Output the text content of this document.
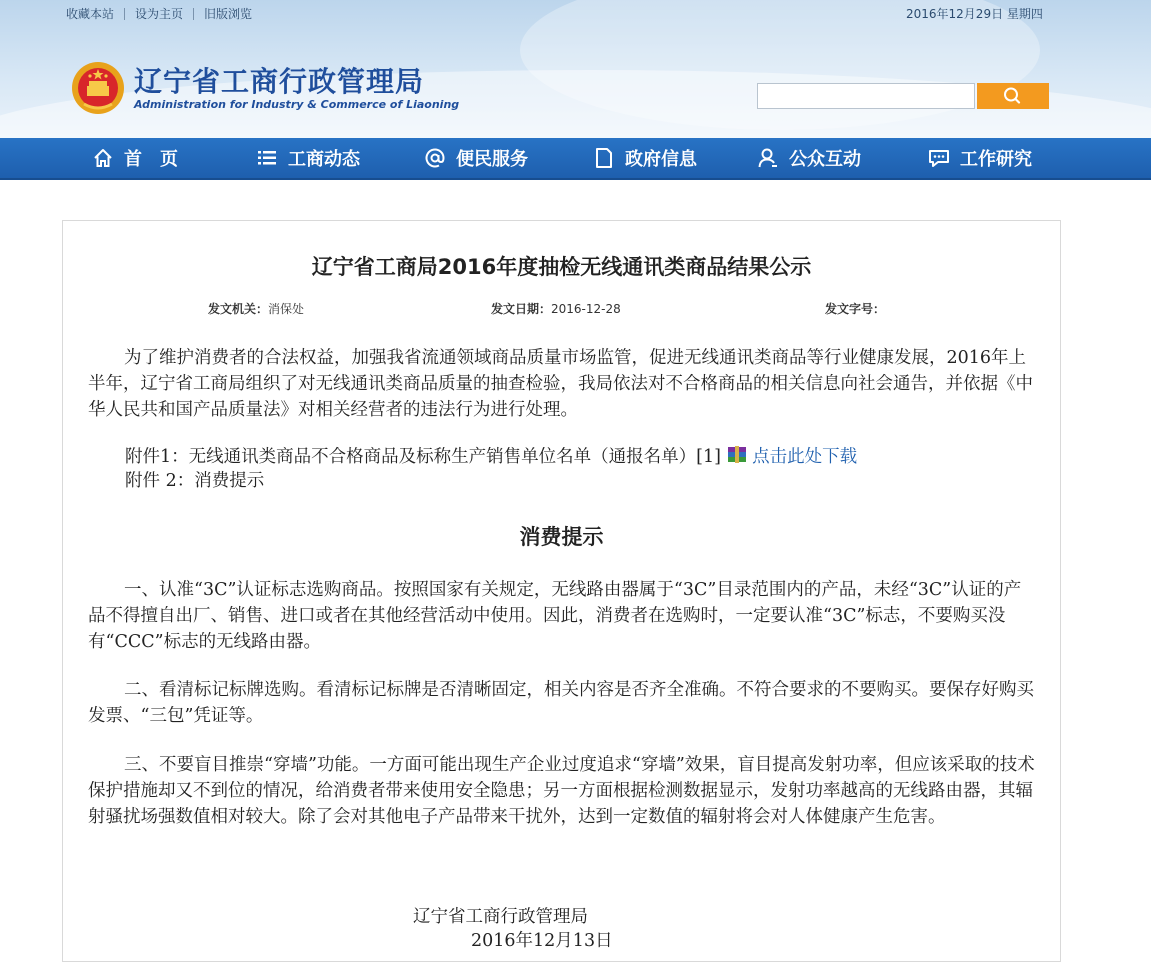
收藏本站 设为主页 旧版浏览	2016年12月29日 星期四
辽宁省工商行政管理局
Administration for Industry & Commerce of Liaoning
首　页	工商动态	便民服务	政府信息	公众互动	工作研究
辽宁省工商局2016年度抽检无线通讯类商品结果公示
发文机关：消保处	发文日期：2016-12-28	发文字号：

为了维护消费者的合法权益，加强我省流通领域商品质量市场监管，促进无线通讯类商品等行业健康发展，2016年上半年，辽宁省工商局组织了对无线通讯类商品质量的抽查检验，我局依法对不合格商品的相关信息向社会通告，并依据《中华人民共和国产品质量法》对相关经营者的违法行为进行处理。

附件1：无线通讯类商品不合格商品及标称生产销售单位名单（通报名单）[1] 点击此处下载
附件 2：消费提示
消费提示

一、认准“3C”认证标志选购商品。按照国家有关规定，无线路由器属于“3C”目录范围内的产品，未经“3C”认证的产品不得擅自出厂、销售、进口或者在其他经营活动中使用。因此，消费者在选购时，一定要认准“3C”标志，不要购买没有“CCC”标志的无线路由器。

二、看清标记标牌选购。看清标记标牌是否清晰固定，相关内容是否齐全准确。不符合要求的不要购买。要保存好购买发票、“三包”凭证等。

三、不要盲目推崇“穿墙”功能。一方面可能出现生产企业过度追求“穿墙”效果，盲目提高发射功率，但应该采取的技术保护措施却又不到位的情况，给消费者带来使用安全隐患；另一方面根据检测数据显示，发射功率越高的无线路由器，其辐射骚扰场强数值相对较大。除了会对其他电子产品带来干扰外，达到一定数值的辐射将会对人体健康产生危害。

辽宁省工商行政管理局
2016年12月13日
